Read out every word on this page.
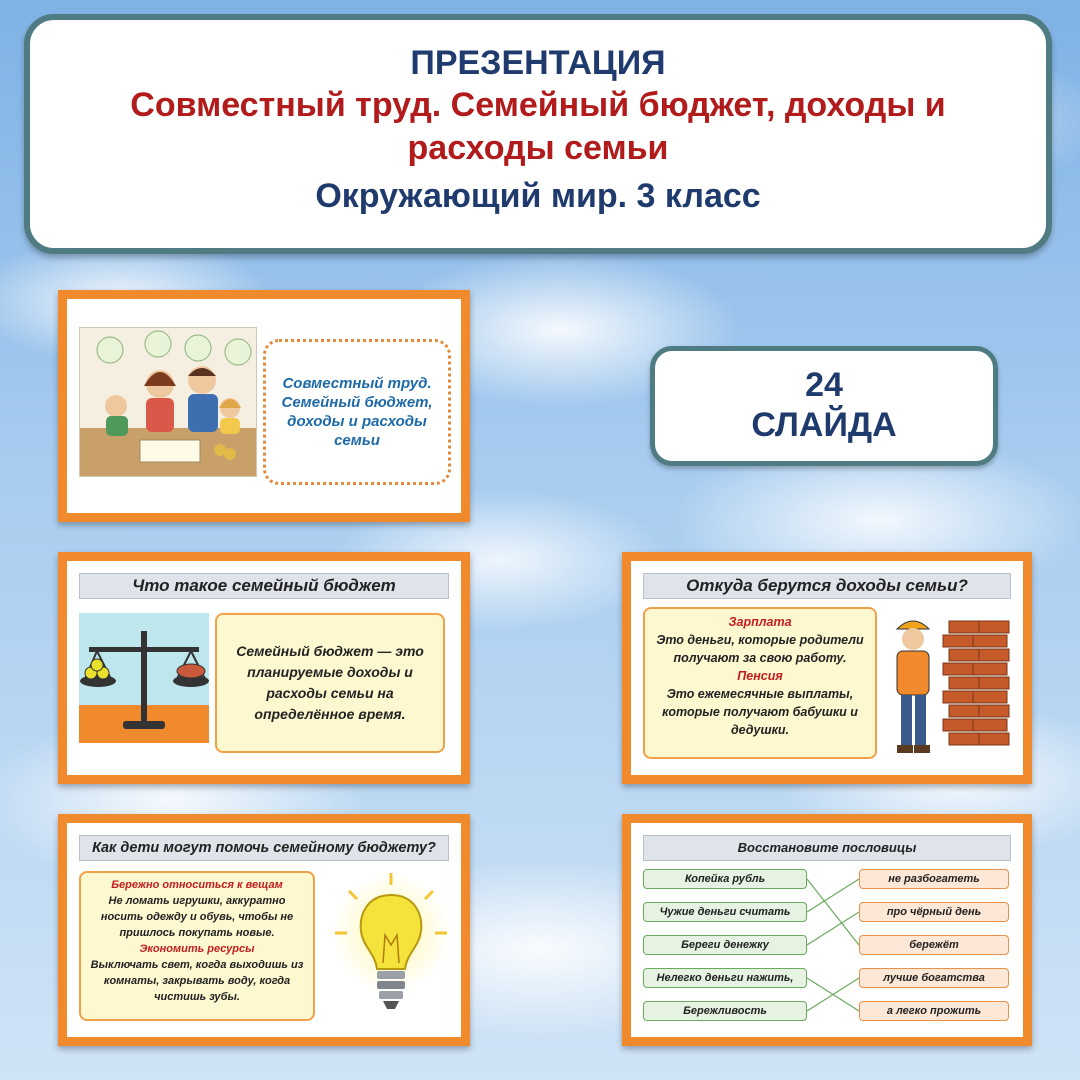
ПРЕЗЕНТАЦИЯ
Совместный труд. Семейный бюджет, доходы и расходы семьи
Окружающий мир. 3 класс
24
СЛАЙДА
Совместный труд. Семейный бюджет, доходы и расходы семьи
Что такое семейный бюджет
Семейный бюджет — это планируемые доходы и расходы семьи на определённое время.
Откуда берутся доходы семьи?
Зарплата
Это деньги, которые родители получают за свою работу.
Пенсия
Это ежемесячные выплаты, которые получают бабушки и дедушки.
Как дети могут помочь семейному бюджету?
Бережно относиться к вещам
Не ломать игрушки, аккуратно носить одежду и обувь, чтобы не пришлось покупать новые.
Экономить ресурсы
Выключать свет, когда выходишь из комнаты, закрывать воду, когда чистишь зубы.
Восстановите пословицы
Копейка рубль
Чужие деньги считать
Береги денежку
Нелегко деньги нажить,
Бережливость
не разбогатеть
про чёрный день
бережёт
лучше богатства
а легко прожить
